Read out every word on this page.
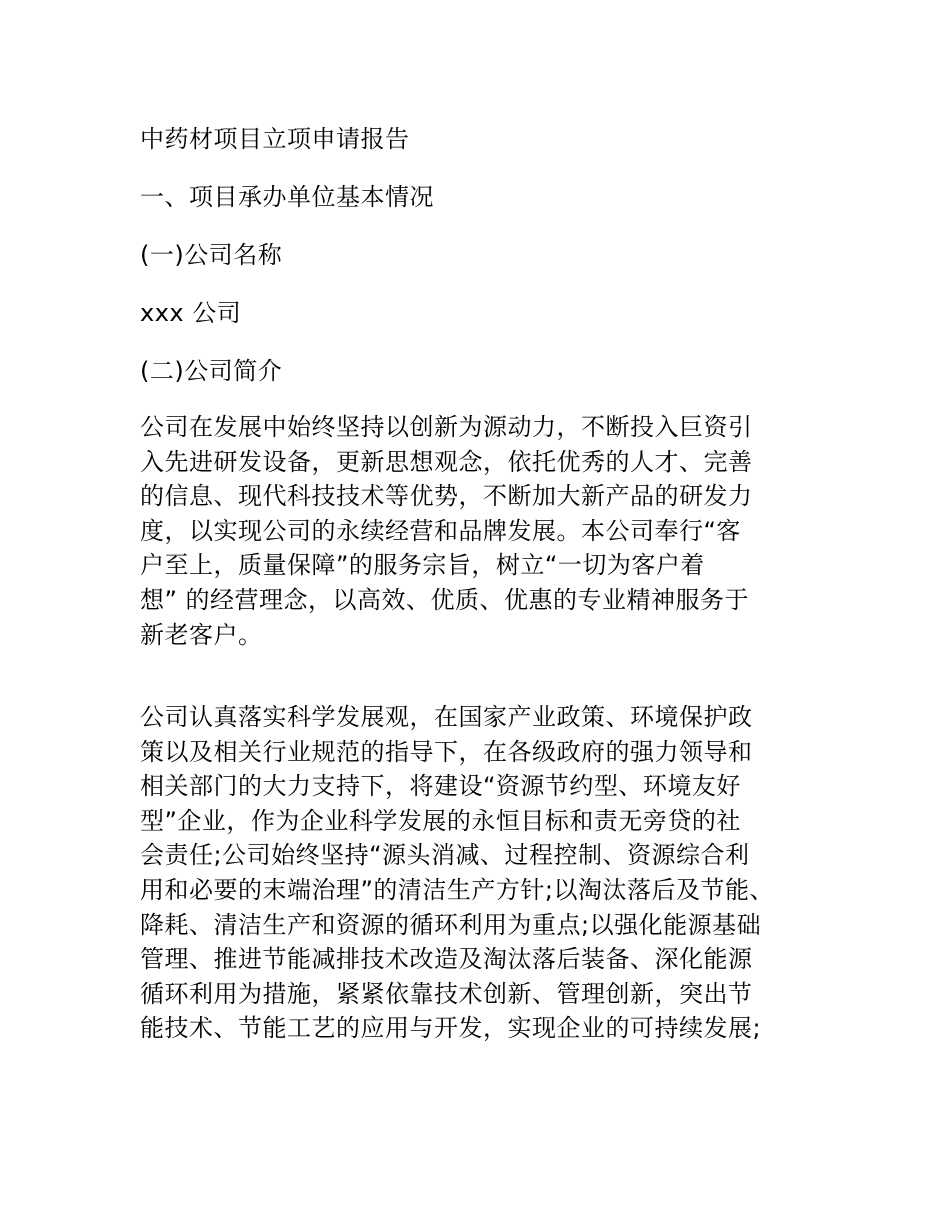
中药材项目立项申请报告
一、项目承办单位基本情况
(一)公司名称
xxx 公司
(二)公司简介
公司在发展中始终坚持以创新为源动力，不断投入巨资引
入先进研发设备，更新思想观念，依托优秀的人才、完善
的信息、现代科技技术等优势，不断加大新产品的研发力
度，以实现公司的永续经营和品牌发展。本公司奉行“客
户至上，质量保障”的服务宗旨，树立“一切为客户着
想” 的经营理念，以高效、优质、优惠的专业精神服务于
新老客户。
公司认真落实科学发展观，在国家产业政策、环境保护政
策以及相关行业规范的指导下，在各级政府的强力领导和
相关部门的大力支持下，将建设“资源节约型、环境友好
型”企业，作为企业科学发展的永恒目标和责无旁贷的社
会责任;公司始终坚持“源头消减、过程控制、资源综合利
用和必要的末端治理”的清洁生产方针;以淘汰落后及节能、
降耗、清洁生产和资源的循环利用为重点;以强化能源基础
管理、推进节能减排技术改造及淘汰落后装备、深化能源
循环利用为措施，紧紧依靠技术创新、管理创新，突出节
能技术、节能工艺的应用与开发，实现企业的可持续发展;
